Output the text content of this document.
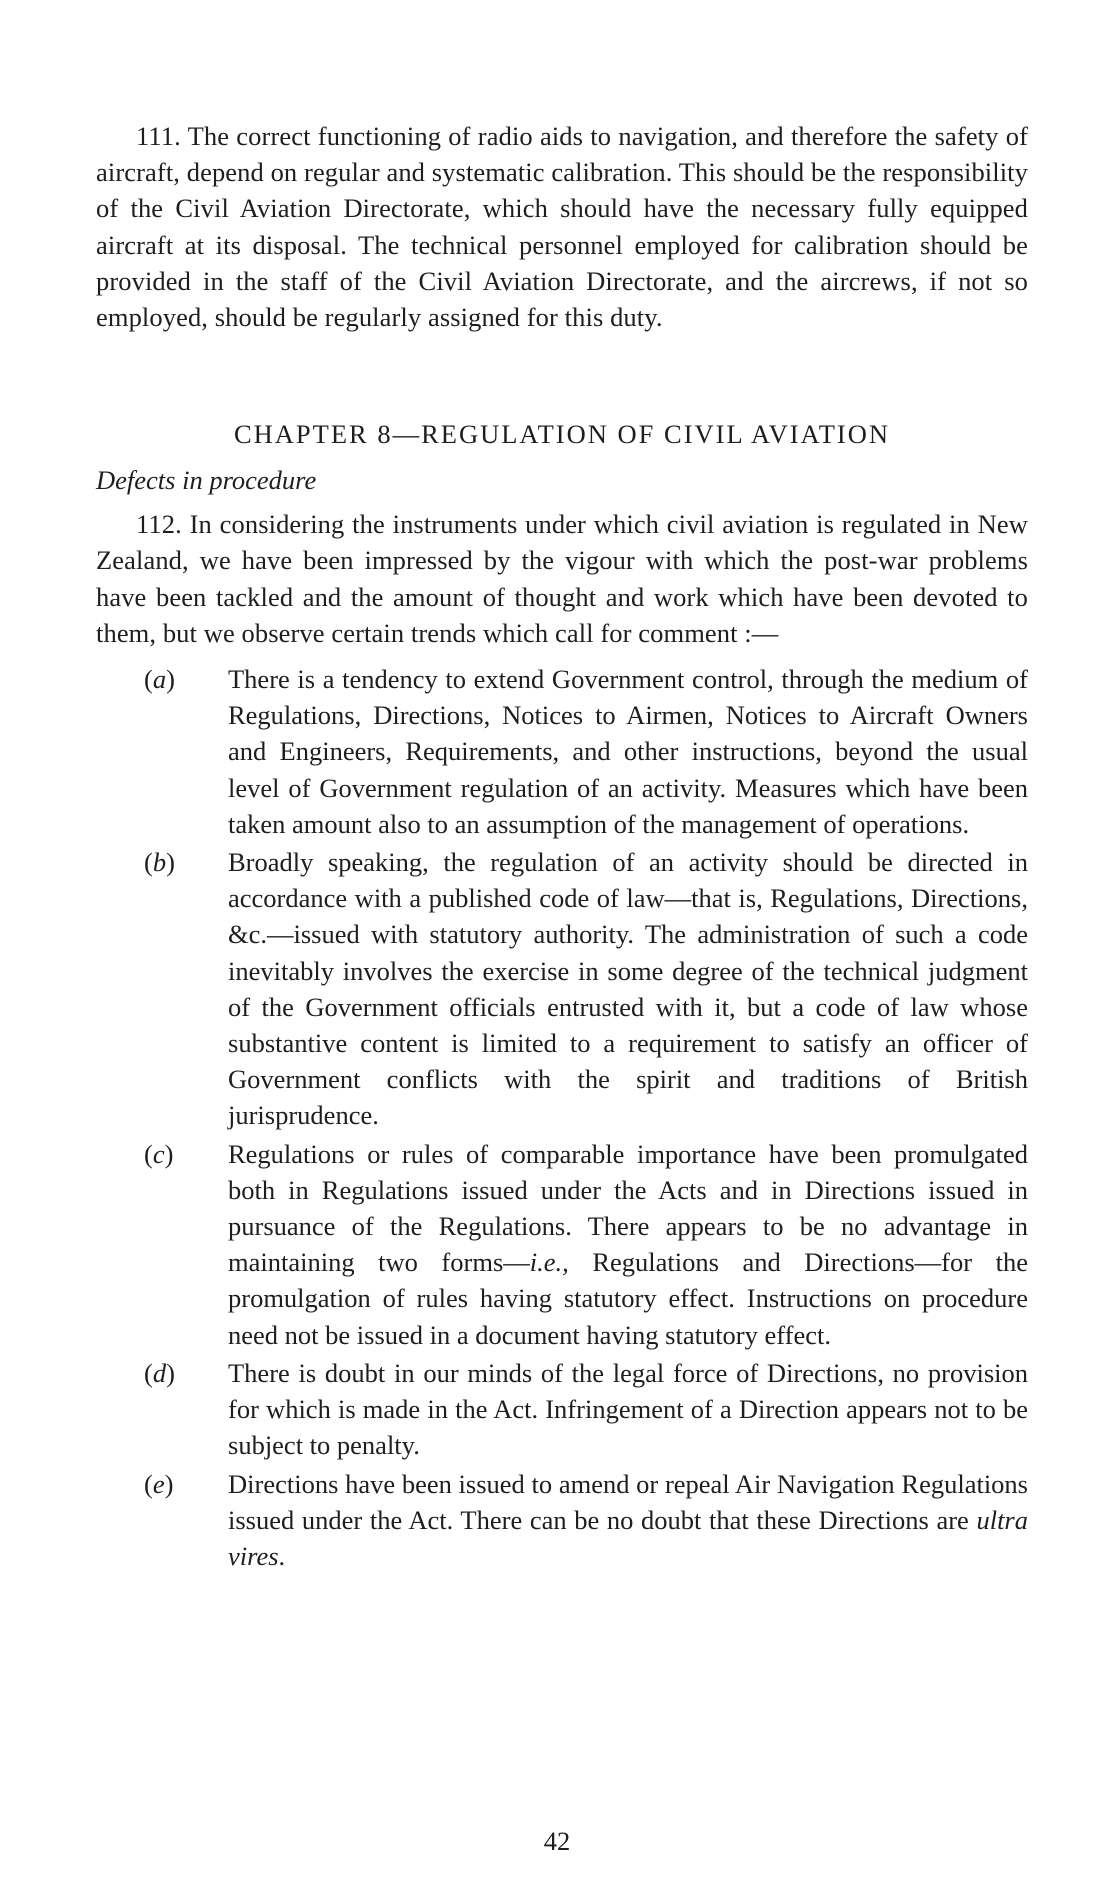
111. The correct functioning of radio aids to navigation, and therefore the safety of aircraft, depend on regular and systematic calibration. This should be the responsibility of the Civil Aviation Directorate, which should have the necessary fully equipped aircraft at its disposal. The technical personnel employed for calibration should be provided in the staff of the Civil Aviation Directorate, and the aircrews, if not so employed, should be regularly assigned for this duty.

CHAPTER 8—REGULATION OF CIVIL AVIATION
Defects in procedure

112. In considering the instruments under which civil aviation is regulated in New Zealand, we have been impressed by the vigour with which the post-war problems have been tackled and the amount of thought and work which have been devoted to them, but we observe certain trends which call for comment :—

(a) There is a tendency to extend Government control, through the medium of Regulations, Directions, Notices to Airmen, Notices to Aircraft Owners and Engineers, Requirements, and other instructions, beyond the usual level of Government regulation of an activity. Measures which have been taken amount also to an assumption of the management of operations.

(b) Broadly speaking, the regulation of an activity should be directed in accordance with a published code of law—that is, Regulations, Directions, &c.—issued with statutory authority. The administration of such a code inevitably involves the exercise in some degree of the technical judgment of the Government officials entrusted with it, but a code of law whose substantive content is limited to a requirement to satisfy an officer of Government conflicts with the spirit and traditions of British jurisprudence.

(c) Regulations or rules of comparable importance have been promulgated both in Regulations issued under the Acts and in Directions issued in pursuance of the Regulations. There appears to be no advantage in maintaining two forms—i.e., Regulations and Directions—for the promulgation of rules having statutory effect. Instructions on procedure need not be issued in a document having statutory effect.

(d) There is doubt in our minds of the legal force of Directions, no provision for which is made in the Act. Infringement of a Direction appears not to be subject to penalty.

(e) Directions have been issued to amend or repeal Air Navigation Regulations issued under the Act. There can be no doubt that these Directions are ultra vires.

42
